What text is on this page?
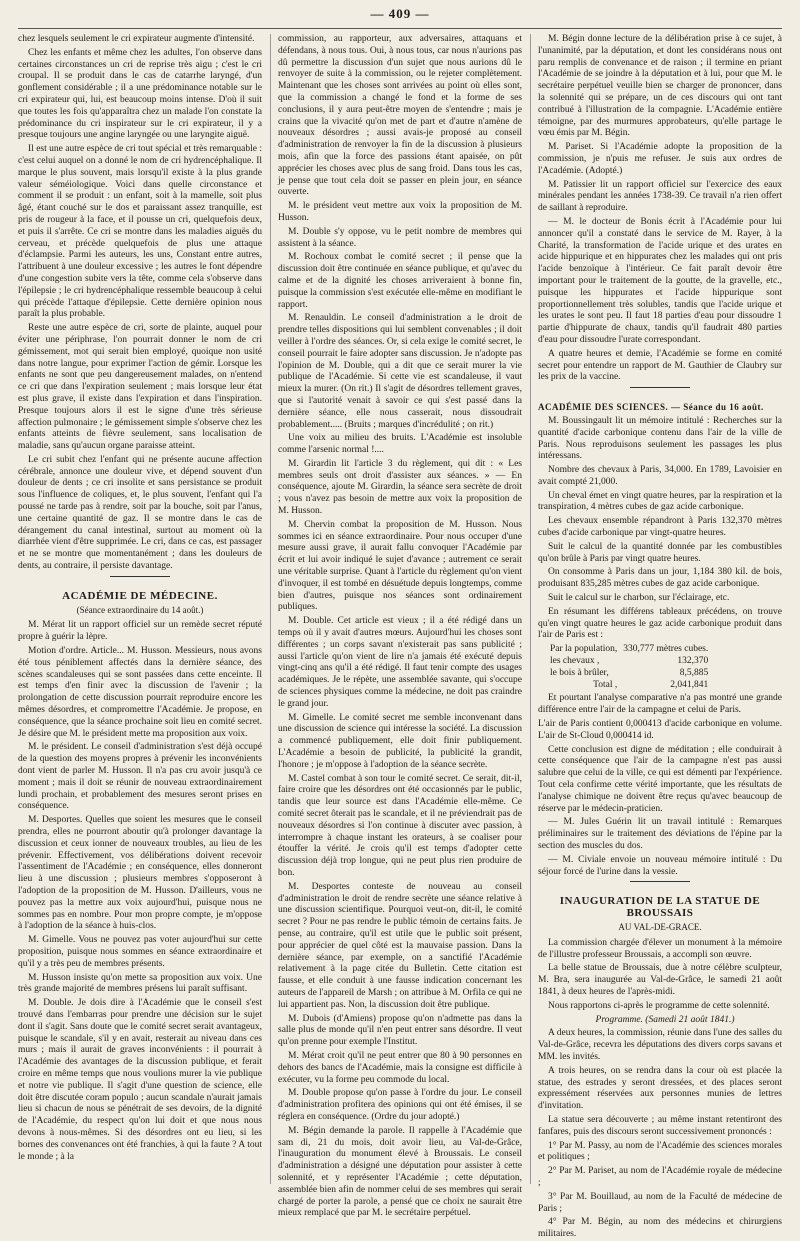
— 409 —

chez lesquels seulement le cri expirateur augmente d'intensité.

Chez les enfants et même chez les adultes, l'on observe dans certaines circonstances un cri de reprise très aigu ; c'est le cri croupal. Il se produit dans le cas de catarrhe laryngé, d'un gonflement considérable ; il a une prédominance notable sur le cri expirateur qui, lui, est beaucoup moins intense. D'où il suit que toutes les fois qu'apparaîtra chez un malade l'on constate la prédominance du cri inspirateur sur le cri expirateur, il y a presque toujours une angine laryngée ou une laryngite aiguë.

Il est une autre espèce de cri tout spécial et très remarquable : c'est celui auquel on a donné le nom de cri hydrencéphalique. Il marque le plus souvent, mais lorsqu'il existe à la plus grande valeur séméiologique. Voici dans quelle circonstance et comment il se produit : un enfant, soit à la mamelle, soit plus âgé, étant couché sur le dos et paraissant assez tranquille, est pris de rougeur à la face, et il pousse un cri, quelquefois deux, et puis il s'arrête. Ce cri se montre dans les maladies aiguës du cerveau, et précède quelquefois de plus une attaque d'éclampsie. Parmi les auteurs, les uns, Constant entre autres, l'attribuent à une douleur excessive ; les autres le font dépendre d'une congestion subite vers la tête, comme cela s'observe dans l'épilepsie ; le cri hydrencéphalique ressemble beaucoup à celui qui précède l'attaque d'épilepsie. Cette dernière opinion nous paraît la plus probable.

Reste une autre espèce de cri, sorte de plainte, auquel pour éviter une périphrase, l'on pourrait donner le nom de cri gémissement, mot qui serait bien employé, quoique non usité dans notre langue, pour exprimer l'action de gémir. Lorsque les enfants ne sont que peu dangereusement malades, on n'entend ce cri que dans l'expiration seulement ; mais lorsque leur état est plus grave, il existe dans l'expiration et dans l'inspiration. Presque toujours alors il est le signe d'une très sérieuse affection pulmonaire ; le gémissement simple s'observe chez les enfants atteints de fièvre seulement, sans localisation de maladie, sans qu'aucun organe paraisse atteint.

Le cri subit chez l'enfant qui ne présente aucune affection cérébrale, annonce une douleur vive, et dépend souvent d'un douleur de dents ; ce cri insolite et sans persistance se produit sous l'influence de coliques, et, le plus souvent, l'enfant qui l'a poussé ne tarde pas à rendre, soit par la bouche, soit par l'anus, une certaine quantité de gaz. Il se montre dans le cas de dérangement du canal intestinal, surtout au moment où la diarrhée vient d'être supprimée. Le cri, dans ce cas, est passager et ne se montre que momentanément ; dans les douleurs de dents, au contraire, il persiste davantage.

ACADÉMIE DE MÉDECINE.
(Séance extraordinaire du 14 août.)

M. Mérat lit un rapport officiel sur un remède secret réputé propre à guérir la lèpre.

Motion d'ordre. Article... M. Husson. Messieurs, nous avons été tous péniblement affectés dans la dernière séance, des scènes scandaleuses qui se sont passées dans cette enceinte. Il est temps d'en finir avec la discussion de l'avenir ; la prolongation de cette discussion pourrait reproduire encore les mêmes désordres, et compromettre l'Académie. Je propose, en conséquence, que la séance prochaine soit lieu en comité secret. Je désire que M. le président mette ma proposition aux voix.

M. le président. Le conseil d'administration s'est déjà occupé de la question des moyens propres à prévenir les inconvénients dont vient de parler M. Husson. Il n'a pas cru avoir jusqu'à ce moment ; mais il doit se réunir de nouveau extraordinairement lundi prochain, et probablement des mesures seront prises en conséquence.

M. Desportes. Quelles que soient les mesures que le conseil prendra, elles ne pourront aboutir qu'à prolonger davantage la discussion et ceux ionner de nouveaux troubles, au lieu de les prévenir. Effectivement, vos délibérations doivent recevoir l'assentiment de l'Académie ; en conséquence, elles donneront lieu à une discussion ; plusieurs membres s'opposeront à l'adoption de la proposition de M. Husson. D'ailleurs, vous ne pouvez pas la mettre aux voix aujourd'hui, puisque nous ne sommes pas en nombre. Pour mon propre compte, je m'oppose à l'adoption de la séance à huis-clos.

M. Gimelle. Vous ne pouvez pas voter aujourd'hui sur cette proposition, puisque nous sommes en séance extraordinaire et qu'il y a très peu de membres présents.

M. Husson insiste qu'on mette sa proposition aux voix. Une très grande majorité de membres présens lui paraît suffisant.

M. Double. Je dois dire à l'Académie que le conseil s'est trouvé dans l'embarras pour prendre une décision sur le sujet dont il s'agit. Sans doute que le comité secret serait avantageux, puisque le scandale, s'il y en avait, resterait au niveau dans ces murs ; mais il aurait de graves inconvénients : il pourrait à l'Académie des avantages de la discussion publique, et ferait croire en même temps que nous voulions murer la vie publique et notre vie publique. Il s'agit d'une question de science, elle doit être discutée coram populo ; aucun scandale n'aurait jamais lieu si chacun de nous se pénétrait de ses devoirs, de la dignité de l'Académie, du respect qu'on lui doit et que nous nous devons à nous-mêmes. Si des désordres ont eu lieu, si les bornes des convenances ont été franchies, à qui la faute ? A tout le monde ; à la

commission, au rapporteur, aux adversaires, attaquans et défendans, à nous tous. Oui, à nous tous, car nous n'aurions pas dû permettre la discussion d'un sujet que nous aurions dû le renvoyer de suite à la commission, ou le rejeter complètement. Maintenant que les choses sont arrivées au point où elles sont, que la commission a changé le fond et la forme de ses conclusions, il y aura peut-être moyen de s'entendre ; mais je crains que la vivacité qu'on met de part et d'autre n'amène de nouveaux désordres ; aussi avais-je proposé au conseil d'administration de renvoyer la fin de la discussion à plusieurs mois, afin que la force des passions étant apaisée, on pût apprécier les choses avec plus de sang froid. Dans tous les cas, je pense que tout cela doit se passer en plein jour, en séance ouverte.

M. le président veut mettre aux voix la proposition de M. Husson.

M. Double s'y oppose, vu le petit nombre de membres qui assistent à la séance.

M. Rochoux combat le comité secret ; il pense que la discussion doit être continuée en séance publique, et qu'avec du calme et de la dignité les choses arriveraient à bonne fin, puisque la commission s'est exécutée elle-même en modifiant le rapport.

M. Renauldin. Le conseil d'administration a le droit de prendre telles dispositions qui lui semblent convenables ; il doit veiller à l'ordre des séances. Or, si cela exige le comité secret, le conseil pourrait le faire adopter sans discussion. Je n'adopte pas l'opinion de M. Double, qui a dit que ce serait murer la vie publique de l'Académie. Si cette vie est scandaleuse, il vaut mieux la murer. (On rit.) Il s'agit de désordres tellement graves, que si l'autorité venait à savoir ce qui s'est passé dans la dernière séance, elle nous casserait, nous dissoudrait probablement..... (Bruits ; marques d'incrédulité ; on rit.)

Une voix au milieu des bruits. L'Académie est insoluble comme l'arsenic normal !....

M. Girardin lit l'article 3 du règlement, qui dit : « Les membres seuls ont droit d'assister aux séances. » — En conséquence, ajoute M. Girardin, la séance sera secrète de droit ; vous n'avez pas besoin de mettre aux voix la proposition de M. Husson.

M. Chervin combat la proposition de M. Husson. Nous sommes ici en séance extraordinaire. Pour nous occuper d'une mesure aussi grave, il aurait fallu convoquer l'Académie par écrit et lui avoir indiqué le sujet d'avance ; autrement ce serait une véritable surprise. Quant à l'article du règlement qu'on vient d'invoquer, il est tombé en désuétude depuis longtemps, comme bien d'autres, puisque nos séances sont ordinairement publiques.

M. Double. Cet article est vieux ; il a été rédigé dans un temps où il y avait d'autres mœurs. Aujourd'hui les choses sont différentes ; un corps savant n'existerait pas sans publicité ; aussi l'article qu'on vient de lire n'a jamais été exécuté depuis vingt-cinq ans qu'il a été rédigé. Il faut tenir compte des usages académiques. Je le répète, une assemblée savante, qui s'occupe de sciences physiques comme la médecine, ne doit pas craindre le grand jour.

M. Gimelle. Le comité secret me semble inconvenant dans une discussion de science qui intéresse la société. La discussion a commencé publiquement, elle doit finir publiquement. L'Académie a besoin de publicité, la publicité la grandit, l'honore ; je m'oppose à l'adoption de la séance secrète.

M. Castel combat à son tour le comité secret. Ce serait, dit-il, faire croire que les désordres ont été occasionnés par le public, tandis que leur source est dans l'Académie elle-même. Ce comité secret ôterait pas le scandale, et il ne préviendrait pas de nouveaux désordres si l'on continue à discuter avec passion, à interrompre à chaque instant les orateurs, à se coaliser pour étouffer la vérité. Je crois qu'il est temps d'adopter cette discussion déjà trop longue, qui ne peut plus rien produire de bon.

M. Desportes conteste de nouveau au conseil d'administration le droit de rendre secrète une séance relative à une discussion scientifique. Pourquoi veut-on, dit-il, le comité secret ? Pour ne pas rendre le public témoin de certains faits. Je pense, au contraire, qu'il est utile que le public soit présent, pour apprécier de quel côté est la mauvaise passion. Dans la dernière séance, par exemple, on a sanctifié l'Académie relativement à la page citée du Bulletin. Cette citation est fausse, et elle conduit à une fausse indication concernant les auteurs de l'appareil de Marsh ; on attribue à M. Orfila ce qui ne lui appartient pas. Non, la discussion doit être publique.

M. Dubois (d'Amiens) propose qu'on n'admette pas dans la salle plus de monde qu'il n'en peut entrer sans désordre. Il veut qu'on prenne pour exemple l'Institut.

M. Mérat croit qu'il ne peut entrer que 80 à 90 personnes en dehors des bancs de l'Académie, mais la consigne est difficile à exécuter, vu la forme peu commode du local.

M. Double propose qu'on passe à l'ordre du jour. Le conseil d'administration profitera des opinions qui ont été émises, il se réglera en conséquence. (Ordre du jour adopté.)

M. Bégin demande la parole. Il rappelle à l'Académie que sam di, 21 du mois, doit avoir lieu, au Val-de-Grâce, l'inauguration du monument élevé à Broussais. Le conseil d'administration a désigné une députation pour assister à cette solennité, et y représenter l'Académie ; cette députation, assemblée bien afin de nommer celui de ses membres qui serait chargé de porter la parole, a pensé que ce choix ne saurait être mieux remplacé que par M. le secrétaire perpétuel.

M. Bégin donne lecture de la délibération prise à ce sujet, à l'unanimité, par la députation, et dont les considérans nous ont paru remplis de convenance et de raison ; il termine en priant l'Académie de se joindre à la députation et à lui, pour que M. le secrétaire perpétuel veuille bien se charger de prononcer, dans la solennité qui se prépare, un de ces discours qui ont tant contribué à l'illustration de la compagnie. L'Académie entière témoigne, par des murmures approbateurs, qu'elle partage le vœu émis par M. Bégin.

M. Pariset. Si l'Académie adopte la proposition de la commission, je n'puis me refuser. Je suis aux ordres de l'Académie. (Adopté.)

M. Patissier lit un rapport officiel sur l'exercice des eaux minérales pendant les années 1738-39. Ce travail n'a rien offert de saillant à reproduire.

— M. le docteur de Bonis écrit à l'Académie pour lui annoncer qu'il a constaté dans le service de M. Rayer, à la Charité, la transformation de l'acide urique et des urates en acide hippurique et en hippurates chez les malades qui ont pris l'acide benzoïque à l'intérieur. Ce fait paraît devoir être important pour le traitement de la goutte, de la gravelle, etc., puisque les hippurates et l'acide hippurique sont proportionnellement très solubles, tandis que l'acide urique et les urates le sont peu. Il faut 18 parties d'eau pour dissoudre 1 partie d'hippurate de chaux, tandis qu'il faudrait 480 parties d'eau pour dissoudre l'urate correspondant.

A quatre heures et demie, l'Académie se forme en comité secret pour entendre un rapport de M. Gauthier de Claubry sur les prix de la vaccine.

ACADÉMIE DES SCIENCES. — Séance du 16 août.

M. Boussingault lit un mémoire intitulé : Recherches sur la quantité d'acide carbonique contenu dans l'air de la ville de Paris. Nous reproduisons seulement les passages les plus intéressans.

Nombre des chevaux à Paris, 34,000. En 1789, Lavoisier en avait compté 21,000.

Un cheval émet en vingt quatre heures, par la respiration et la transpiration, 4 mètres cubes de gaz acide carbonique.

Les chevaux ensemble répandront à Paris 132,370 mètres cubes d'acide carbonique par vingt-quatre heures.

Suit le calcul de la quantité donnée par les combustibles qu'on brûle à Paris par vingt quatre heures.

On consomme à Paris dans un jour, 1,184 380 kil. de bois, produisant 835,285 mètres cubes de gaz acide carbonique.

Suit le calcul sur le charbon, sur l'éclairage, etc.

En résumant les différens tableaux précédens, on trouve qu'en vingt quatre heures le gaz acide carbonique produit dans l'air de Paris est :

Par la population,	330,777 mètres cubes.
les chevaux ,	132,370
le bois à brûler,	8,5,885
Total ,	2,041,841

Et pourtant l'analyse comparative n'a pas montré une grande différence entre l'air de la campagne et celui de Paris.

L'air de Paris contient 0,000413 d'acide carbonique en volume. L'air de St-Cloud 0,000414 id.

Cette conclusion est digne de méditation ; elle conduirait à cette conséquence que l'air de la campagne n'est pas aussi salubre que celui de la ville, ce qui est démenti par l'expérience. Tout cela confirme cette vérité importante, que les résultats de l'analyse chimique ne doivent être reçus qu'avec beaucoup de réserve par le médecin-praticien.

— M. Jules Guérin lit un travail intitulé : Remarques préliminaires sur le traitement des déviations de l'épine par la section des muscles du dos.

— M. Civiale envoie un nouveau mémoire intitulé : Du séjour forcé de l'urine dans la vessie.

INAUGURATION DE LA STATUE DE BROUSSAIS
AU VAL-DE-GRACE.

La commission chargée d'élever un monument à la mémoire de l'illustre professeur Broussais, a accompli son œuvre.

La belle statue de Broussais, due à notre célèbre sculpteur, M. Bra, sera inaugurée au Val-de-Grâce, le samedi 21 août 1841, à deux heures de l'après-midi.

Nous rapportons ci-après le programme de cette solennité.

Programme. (Samedi 21 août 1841.)

A deux heures, la commission, réunie dans l'une des salles du Val-de-Grâce, recevra les députations des divers corps savans et MM. les invités.

A trois heures, on se rendra dans la cour où est placée la statue, des estrades y seront dressées, et des places seront expressément réservées aux personnes munies de lettres d'invitation.

La statue sera découverte ; au même instant retentiront des fanfares, puis des discours seront successivement prononcés :

1° Par M. Passy, au nom de l'Académie des sciences morales et politiques ;

2° Par M. Pariset, au nom de l'Académie royale de médecine ;

3° Par M. Bouillaud, au nom de la Faculté de médecine de Paris ;

4° Par M. Bégin, au nom des médecins et chirurgiens militaires.
